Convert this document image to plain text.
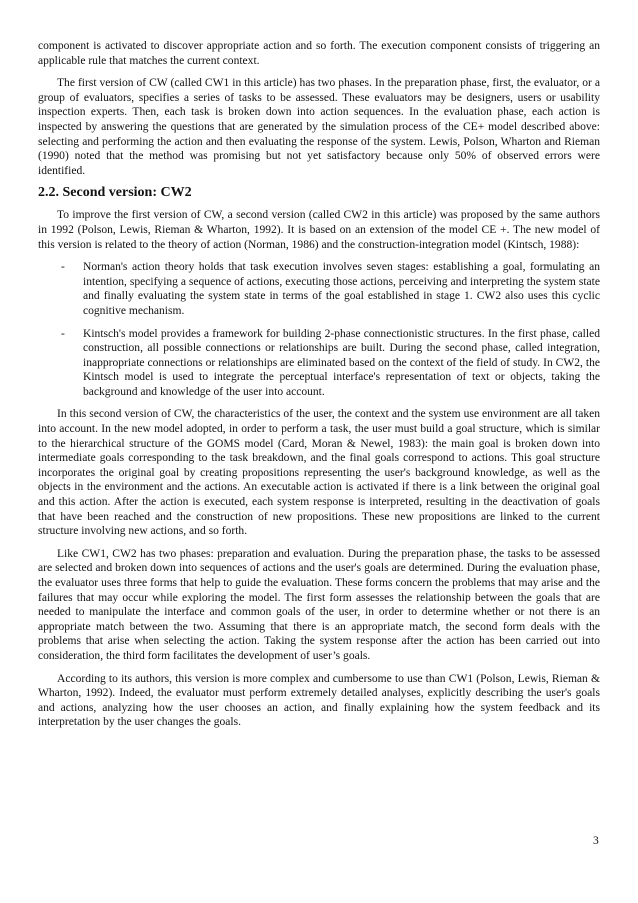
component is activated to discover appropriate action and so forth. The execution component consists of triggering an applicable rule that matches the current context.

The first version of CW (called CW1 in this article) has two phases. In the preparation phase, first, the evaluator, or a group of evaluators, specifies a series of tasks to be assessed. These evaluators may be designers, users or usability inspection experts. Then, each task is broken down into action sequences. In the evaluation phase, each action is inspected by answering the questions that are generated by the simulation process of the CE+ model described above: selecting and performing the action and then evaluating the response of the system. Lewis, Polson, Wharton and Rieman (1990) noted that the method was promising but not yet satisfactory because only 50% of observed errors were identified.

2.2. Second version: CW2

To improve the first version of CW, a second version (called CW2 in this article) was proposed by the same authors in 1992 (Polson, Lewis, Rieman & Wharton, 1992). It is based on an extension of the model CE +. The new model of this version is related to the theory of action (Norman, 1986) and the construction-integration model (Kintsch, 1988):

-	Norman's action theory holds that task execution involves seven stages: establishing a goal, formulating an intention, specifying a sequence of actions, executing those actions, perceiving and interpreting the system state and finally evaluating the system state in terms of the goal established in stage 1. CW2 also uses this cyclic cognitive mechanism.

-	Kintsch's model provides a framework for building 2-phase connectionistic structures. In the first phase, called construction, all possible connections or relationships are built. During the second phase, called integration, inappropriate connections or relationships are eliminated based on the context of the field of study. In CW2, the Kintsch model is used to integrate the perceptual interface's representation of text or objects, taking the background and knowledge of the user into account.

In this second version of CW, the characteristics of the user, the context and the system use environment are all taken into account. In the new model adopted, in order to perform a task, the user must build a goal structure, which is similar to the hierarchical structure of the GOMS model (Card, Moran & Newel, 1983): the main goal is broken down into intermediate goals corresponding to the task breakdown, and the final goals correspond to actions. This goal structure incorporates the original goal by creating propositions representing the user's background knowledge, as well as the objects in the environment and the actions. An executable action is activated if there is a link between the original goal and this action. After the action is executed, each system response is interpreted, resulting in the deactivation of goals that have been reached and the construction of new propositions. These new propositions are linked to the current structure involving new actions, and so forth.

Like CW1, CW2 has two phases: preparation and evaluation. During the preparation phase, the tasks to be assessed are selected and broken down into sequences of actions and the user's goals are determined. During the evaluation phase, the evaluator uses three forms that help to guide the evaluation. These forms concern the problems that may arise and the failures that may occur while exploring the model. The first form assesses the relationship between the goals that are needed to manipulate the interface and common goals of the user, in order to determine whether or not there is an appropriate match between the two. Assuming that there is an appropriate match, the second form deals with the problems that arise when selecting the action. Taking the system response after the action has been carried out into consideration, the third form facilitates the development of user’s goals.

According to its authors, this version is more complex and cumbersome to use than CW1 (Polson, Lewis, Rieman & Wharton, 1992). Indeed, the evaluator must perform extremely detailed analyses, explicitly describing the user's goals and actions, analyzing how the user chooses an action, and finally explaining how the system feedback and its interpretation by the user changes the goals.

3
